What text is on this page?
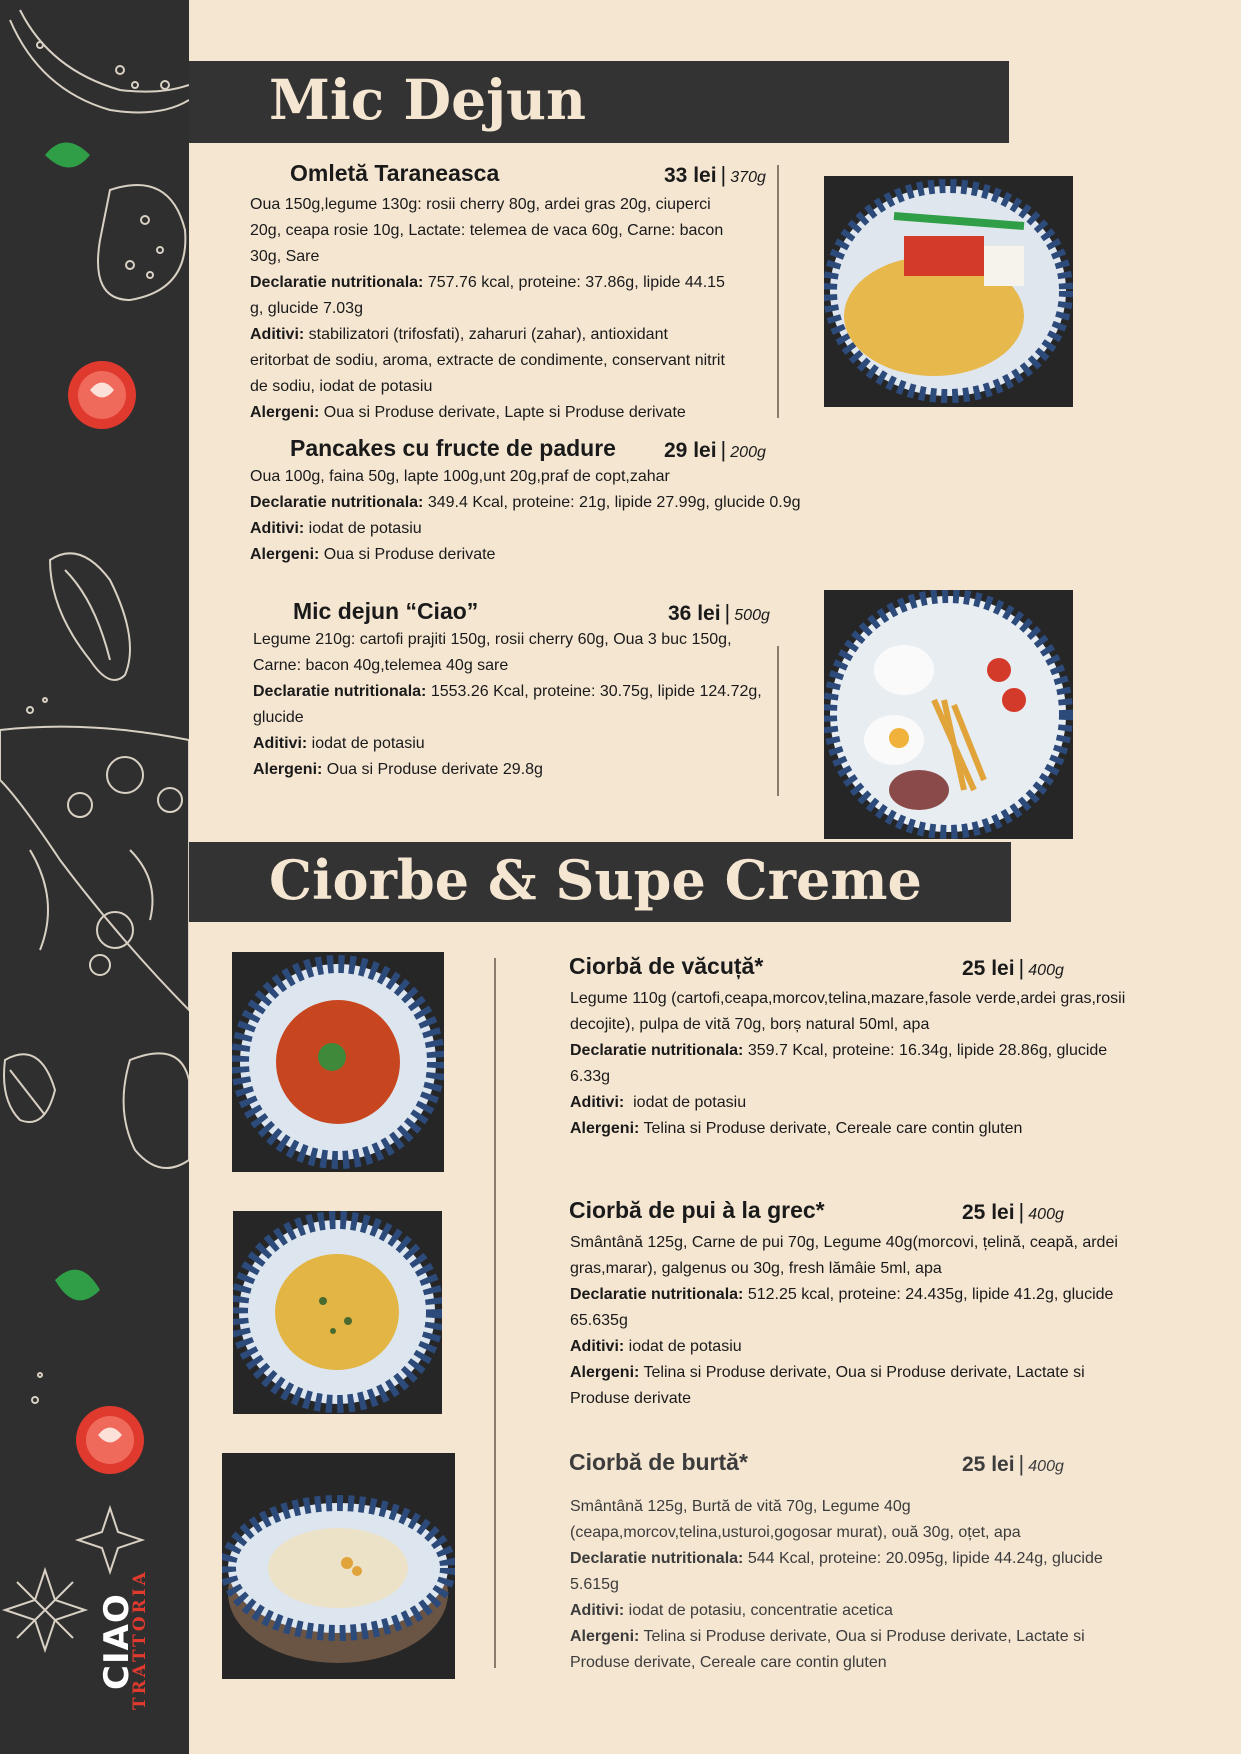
CIAO
TRATTORIA
Mic Dejun
Omletă Taraneasca	33 lei | 370g

Oua 150g,legume 130g: rosii cherry 80g, ardei gras 20g, ciuperci 20g, ceapa rosie 10g, Lactate: telemea de vaca 60g, Carne: bacon 30g, Sare

Declaratie nutritionala: 757.76 kcal, proteine: 37.86g, lipide 44.15 g, glucide 7.03g

Aditivi: stabilizatori (trifosfati), zaharuri (zahar), antioxidant eritorbat de sodiu, aroma, extracte de condimente, conservant nitrit de sodiu, iodat de potasiu

Alergeni: Oua si Produse derivate, Lapte si Produse derivate

Pancakes cu fructe de padure 29 lei | 200g

Oua 100g, faina 50g, lapte 100g,unt 20g,praf de copt,zahar

Declaratie nutritionala: 349.4 Kcal, proteine: 21g, lipide 27.99g, glucide 0.9g

Aditivi: iodat de potasiu

Alergeni: Oua si Produse derivate

Mic dejun “Ciao”	36 lei | 500g

Legume 210g: cartofi prajiti 150g, rosii cherry 60g, Oua 3 buc 150g, Carne: bacon 40g,telemea 40g sare

Declaratie nutritionala: 1553.26 Kcal, proteine: 30.75g, lipide 124.72g, glucide

Aditivi: iodat de potasiu

Alergeni: Oua si Produse derivate 29.8g

Ciorbe & Supe Creme
Ciorbă de văcuță*	25 lei | 400g

Legume 110g (cartofi,ceapa,morcov,telina,mazare,fasole verde,ardei gras,rosii decojite), pulpa de vită 70g, borș natural 50ml, apa

Declaratie nutritionala: 359.7 Kcal, proteine: 16.34g, lipide 28.86g, glucide 6.33g

Aditivi: iodat de potasiu

Alergeni: Telina si Produse derivate, Cereale care contin gluten

Ciorbă de pui à la grec*	25 lei | 400g

Smântână 125g, Carne de pui 70g, Legume 40g(morcovi, țelină, ceapă, ardei gras,marar), galgenus ou 30g, fresh lămâie 5ml, apa

Declaratie nutritionala: 512.25 kcal, proteine: 24.435g, lipide 41.2g, glucide 65.635g

Aditivi: iodat de potasiu

Alergeni: Telina si Produse derivate, Oua si Produse derivate, Lactate si Produse derivate

Ciorbă de burtă*	25 lei | 400g

Smântână 125g, Burtă de vită 70g, Legume 40g (ceapa,morcov,telina,usturoi,gogosar murat), ouă 30g, oțet, apa

Declaratie nutritionala: 544 Kcal, proteine: 20.095g, lipide 44.24g, glucide 5.615g

Aditivi: iodat de potasiu, concentratie acetica

Alergeni: Telina si Produse derivate, Oua si Produse derivate, Lactate si Produse derivate, Cereale care contin gluten
